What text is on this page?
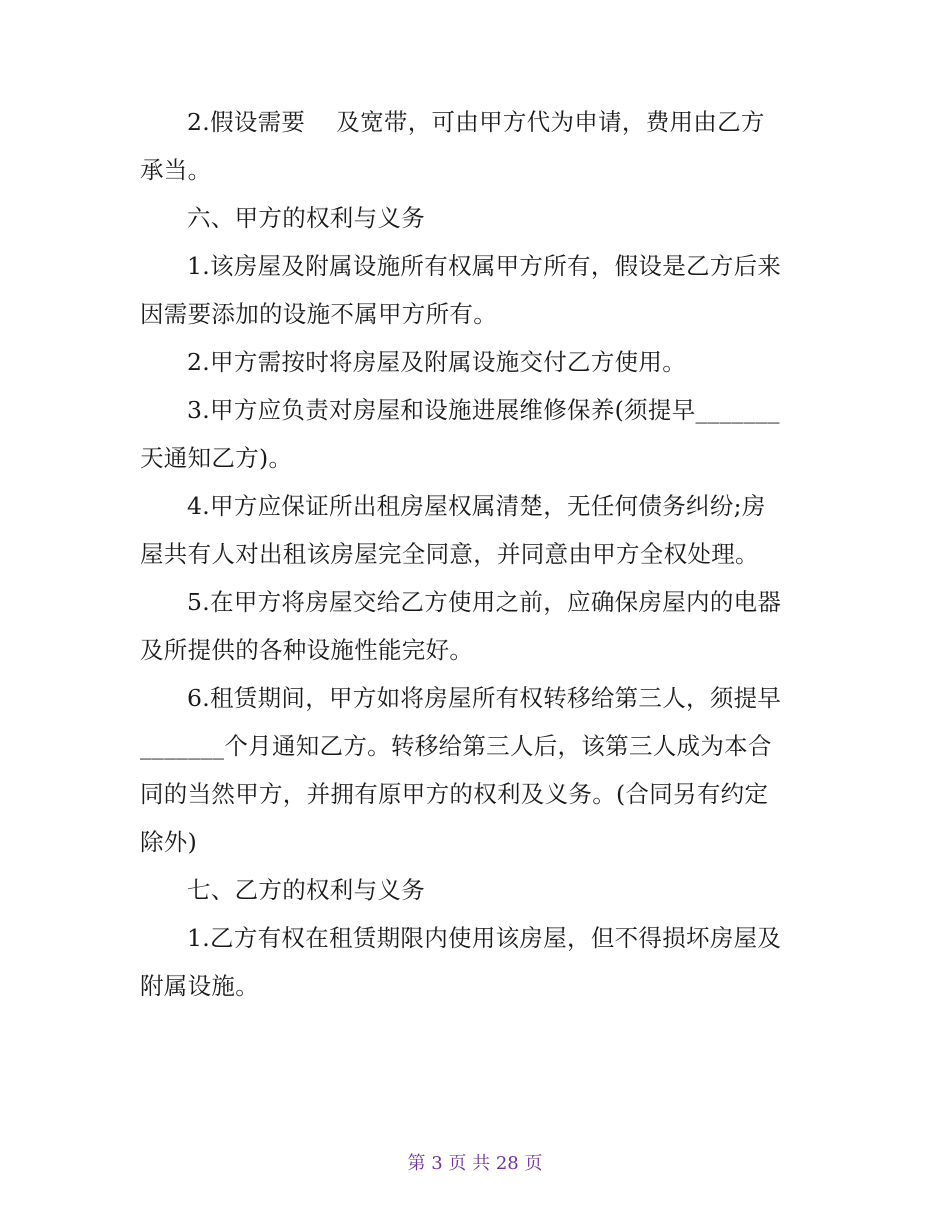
2.假设需要    及宽带，可由甲方代为申请，费用由乙方
承当。
六、甲方的权利与义务
1.该房屋及附属设施所有权属甲方所有，假设是乙方后来
因需要添加的设施不属甲方所有。
2.甲方需按时将房屋及附属设施交付乙方使用。
3.甲方应负责对房屋和设施进展维修保养(须提早_______
天通知乙方)。
4.甲方应保证所出租房屋权属清楚，无任何债务纠纷;房
屋共有人对出租该房屋完全同意，并同意由甲方全权处理。
5.在甲方将房屋交给乙方使用之前，应确保房屋内的电器
及所提供的各种设施性能完好。
6.租赁期间，甲方如将房屋所有权转移给第三人，须提早
_______个月通知乙方。转移给第三人后，该第三人成为本合
同的当然甲方，并拥有原甲方的权利及义务。(合同另有约定
除外)
七、乙方的权利与义务
1.乙方有权在租赁期限内使用该房屋，但不得损坏房屋及
附属设施。
第 3 页 共 28 页
